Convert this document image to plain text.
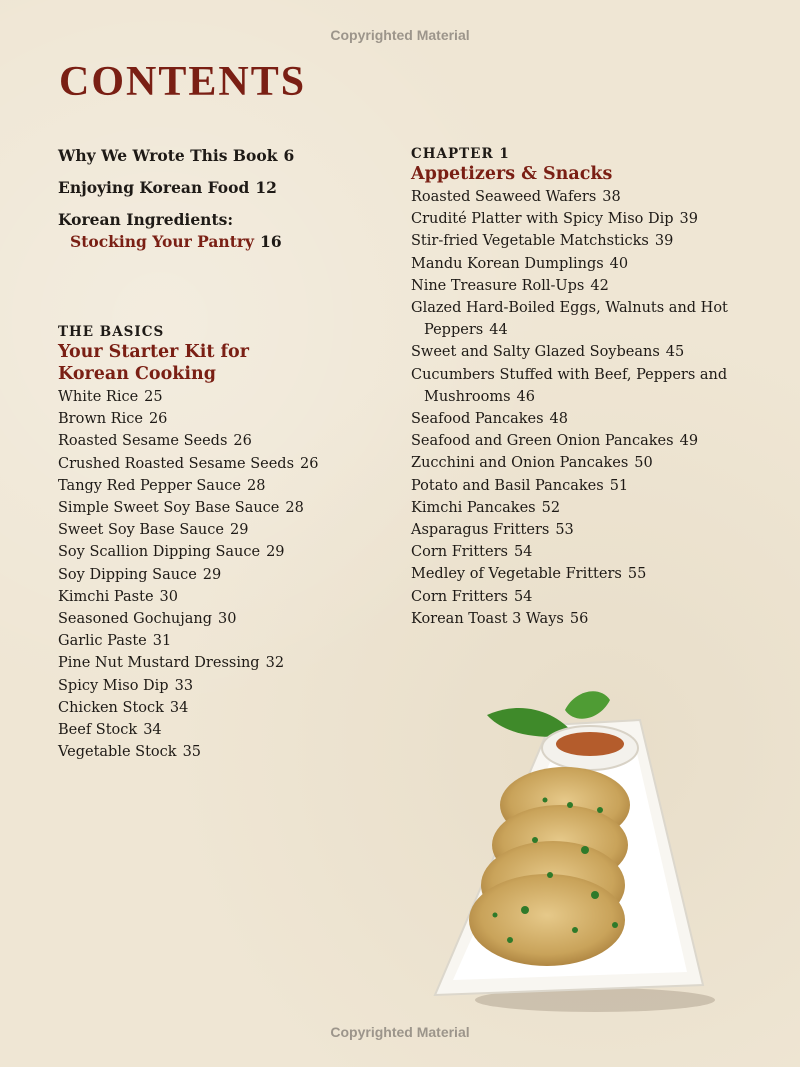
Copyrighted Material
CONTENTS
Why We Wrote This Book 6
Enjoying Korean Food 12
Korean Ingredients:
Stocking Your Pantry 16

THE BASICS

Your Starter Kit for
Korean Cooking
White Rice 25
Brown Rice 26
Roasted Sesame Seeds 26
Crushed Roasted Sesame Seeds 26
Tangy Red Pepper Sauce 28
Simple Sweet Soy Base Sauce 28
Sweet Soy Base Sauce 29
Soy Scallion Dipping Sauce 29
Soy Dipping Sauce 29
Kimchi Paste 30
Seasoned Gochujang 30
Garlic Paste 31
Pine Nut Mustard Dressing 32
Spicy Miso Dip 33
Chicken Stock 34
Beef Stock 34
Vegetable Stock 35

CHAPTER 1

Appetizers & Snacks
Roasted Seaweed Wafers 38
Crudité Platter with Spicy Miso Dip 39
Stir-fried Vegetable Matchsticks 39
Mandu Korean Dumplings 40
Nine Treasure Roll-Ups 42
Glazed Hard-Boiled Eggs, Walnuts and Hot Peppers 44
Sweet and Salty Glazed Soybeans 45
Cucumbers Stuffed with Beef, Peppers and Mushrooms 46
Seafood Pancakes 48
Seafood and Green Onion Pancakes 49
Zucchini and Onion Pancakes 50
Potato and Basil Pancakes 51
Kimchi Pancakes 52
Asparagus Fritters 53
Corn Fritters 54
Medley of Vegetable Fritters 55
Corn Fritters 54
Korean Toast 3 Ways 56
Copyrighted Material
